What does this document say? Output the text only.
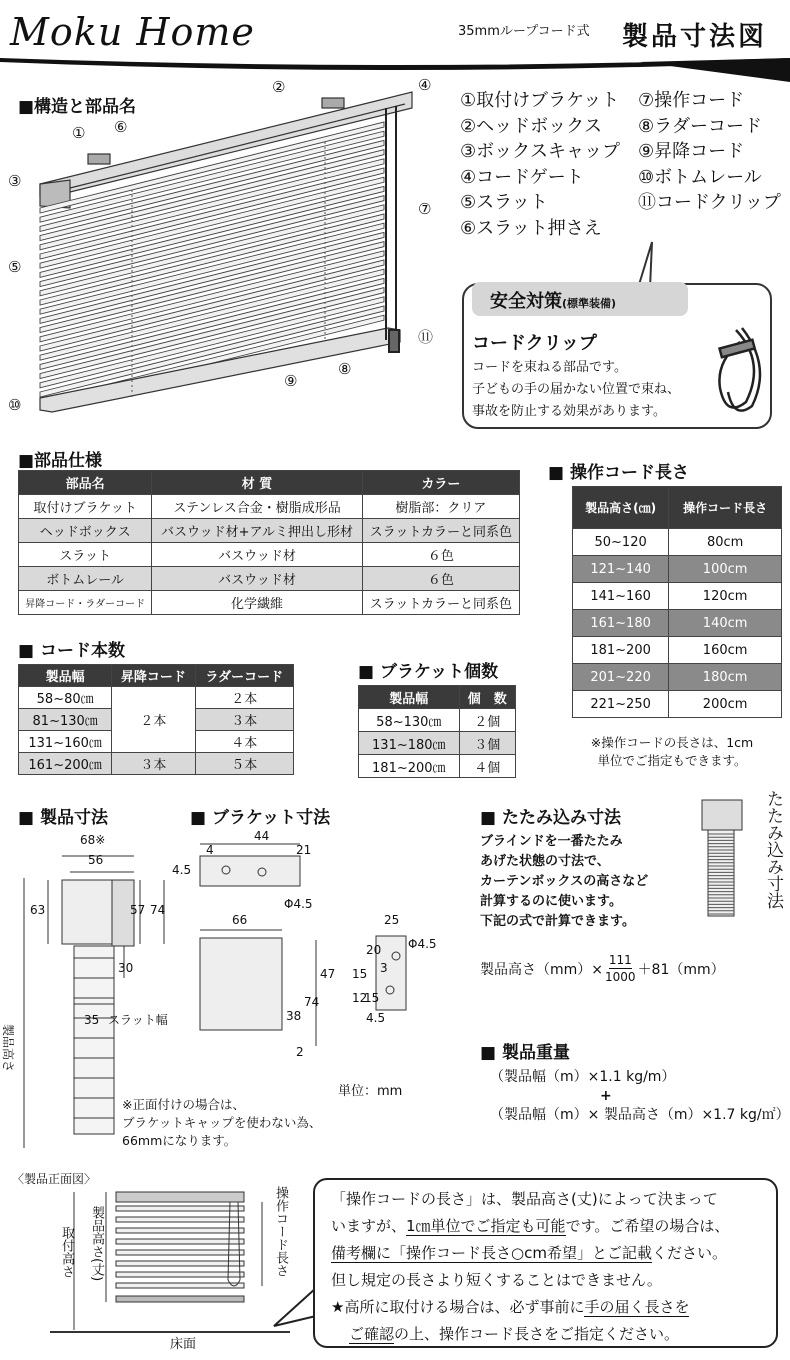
Moku Home	35mmループコード式 製品寸法図
■構造と部品名
①
②
③
④
⑤
⑥
⑦
⑧
⑨
⑩
⑪
①取付けブラケット
②ヘッドボックス
③ボックスキャップ
④コードゲート
⑤スラット
⑥スラット押さえ
⑦操作コード
⑧ラダーコード
⑨昇降コード
⑩ボトムレール
⑪コードクリップ
コードクリップ
コードを束ねる部品です。
子どもの手の届かない位置で束ね、
事故を防止する効果があります。
安全対策(標準装備)
■部品仕様
部品名	材 質	カラー
取付けブラケット	ステンレス合金・樹脂成形品	樹脂部：クリア
ヘッドボックス	バスウッド材+アルミ押出し形材	スラットカラーと同系色
スラット	バスウッド材	６色
ボトムレール	バスウッド材	６色
昇降コード・ラダーコード	化学繊維	スラットカラーと同系色
■ コード本数
製品幅	昇降コード	ラダーコード
58~80㎝	２本	２本
81~130㎝		３本
131~160㎝		４本
161~200㎝	３本	５本
■ ブラケット個数
製品幅	個　数
58~130㎝	２個
131~180㎝	３個
181~200㎝	４個
■ 操作コード長さ
製品高さ(㎝)	操作コード長さ
50~120	80cm
121~140	100cm
141~160	120cm
161~180	140cm
181~200	160cm
201~220	180cm
221~250	200cm
※操作コードの長さは、1cm
単位でご指定もできます。
■ 製品寸法
68※
56
63	57 74
30
35 スラット幅
製品高さ
※正面付けの場合は、
ブラケットキャップを使わない為、
66mmになります。
■ ブラケット寸法
44
4	21
4.5
Φ4.5
66	25
Φ4.5
47
74
20
15
12
15
3
38	4.5
2
単位：mm
■ たたみ込み寸法
ブラインドを一番たたみ
あげた状態の寸法で、
カーテンボックスの高さなど
計算するのに使います。
下記の式で計算できます。
製品高さ$(mm)\times \frac{111}{1000} +81(mm)$
たたみ込み寸法
■ 製品重量
（製品幅（m）×1.1 kg/m）
+
（製品幅（m）× 製品高さ（m）×1.7 kg/㎡）
〈製品正面図〉
床面
取付高さ 製品高さ(丈)	操作コード長さ	「操作コードの長さ」は、製品高さ(丈)によって決まって
いますが、1㎝単位でご指定も可能です。ご希望の場合は、
備考欄に「操作コード長さ○cm希望」とご記載ください。
但し規定の長さより短くすることはできません。
★高所に取付ける場合は、必ず事前に手の届く長さを
ご確認の上、操作コード長さをご指定ください。
